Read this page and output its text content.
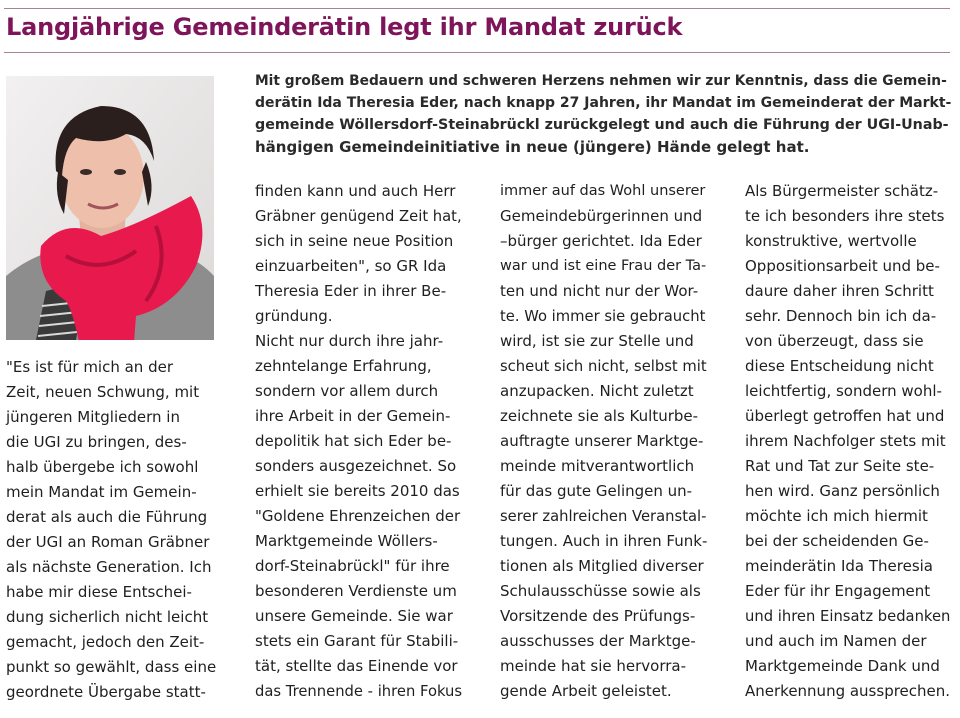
Langjährige Gemeinderätin legt ihr Mandat zurück
Mit großem Bedauern und schweren Herzens nehmen wir zur Kenntnis, dass die Gemein-
derätin Ida Theresia Eder, nach knapp 27 Jahren, ihr Mandat im Gemeinderat der Markt-
gemeinde Wöllersdorf-Steinabrückl zurückgelegt und auch die Führung der UGI-Unab-
hängigen Gemeindeinitiative in neue (jüngere) Hände gelegt hat.
"Es ist für mich an der
Zeit, neuen Schwung, mit
jüngeren Mitgliedern in
die UGI zu bringen, des-
halb übergebe ich sowohl
mein Mandat im Gemein-
derat als auch die Führung
der UGI an Roman Gräbner
als nächste Generation. Ich
habe mir diese Entschei-
dung sicherlich nicht leicht
gemacht, jedoch den Zeit-
punkt so gewählt, dass eine
geordnete Übergabe statt-
finden kann und auch Herr
Gräbner genügend Zeit hat,
sich in seine neue Position
einzuarbeiten", so GR Ida
Theresia Eder in ihrer Be-
gründung.
Nicht nur durch ihre jahr-
zehntelange Erfahrung,
sondern vor allem durch
ihre Arbeit in der Gemein-
depolitik hat sich Eder be-
sonders ausgezeichnet. So
erhielt sie bereits 2010 das
"Goldene Ehrenzeichen der
Marktgemeinde Wöllers-
dorf-Steinabrückl" für ihre
besonderen Verdienste um
unsere Gemeinde. Sie war
stets ein Garant für Stabili-
tät, stellte das Einende vor
das Trennende - ihren Fokus
immer auf das Wohl unserer
Gemeindebürgerinnen und
–bürger gerichtet. Ida Eder
war und ist eine Frau der Ta-
ten und nicht nur der Wor-
te. Wo immer sie gebraucht
wird, ist sie zur Stelle und
scheut sich nicht, selbst mit
anzupacken. Nicht zuletzt
zeichnete sie als Kulturbe-
auftragte unserer Marktge-
meinde mitverantwortlich
für das gute Gelingen un-
serer zahlreichen Veranstal-
tungen. Auch in ihren Funk-
tionen als Mitglied diverser
Schulausschüsse sowie als
Vorsitzende des Prüfungs-
ausschusses der Marktge-
meinde hat sie hervorra-
gende Arbeit geleistet.
Als Bürgermeister schätz-
te ich besonders ihre stets
konstruktive, wertvolle
Oppositionsarbeit und be-
daure daher ihren Schritt
sehr. Dennoch bin ich da-
von überzeugt, dass sie
diese Entscheidung nicht
leichtfertig, sondern wohl-
überlegt getroffen hat und
ihrem Nachfolger stets mit
Rat und Tat zur Seite ste-
hen wird. Ganz persönlich
möchte ich mich hiermit
bei der scheidenden Ge-
meinderätin Ida Theresia
Eder für ihr Engagement
und ihren Einsatz bedanken
und auch im Namen der
Marktgemeinde Dank und
Anerkennung aussprechen.
